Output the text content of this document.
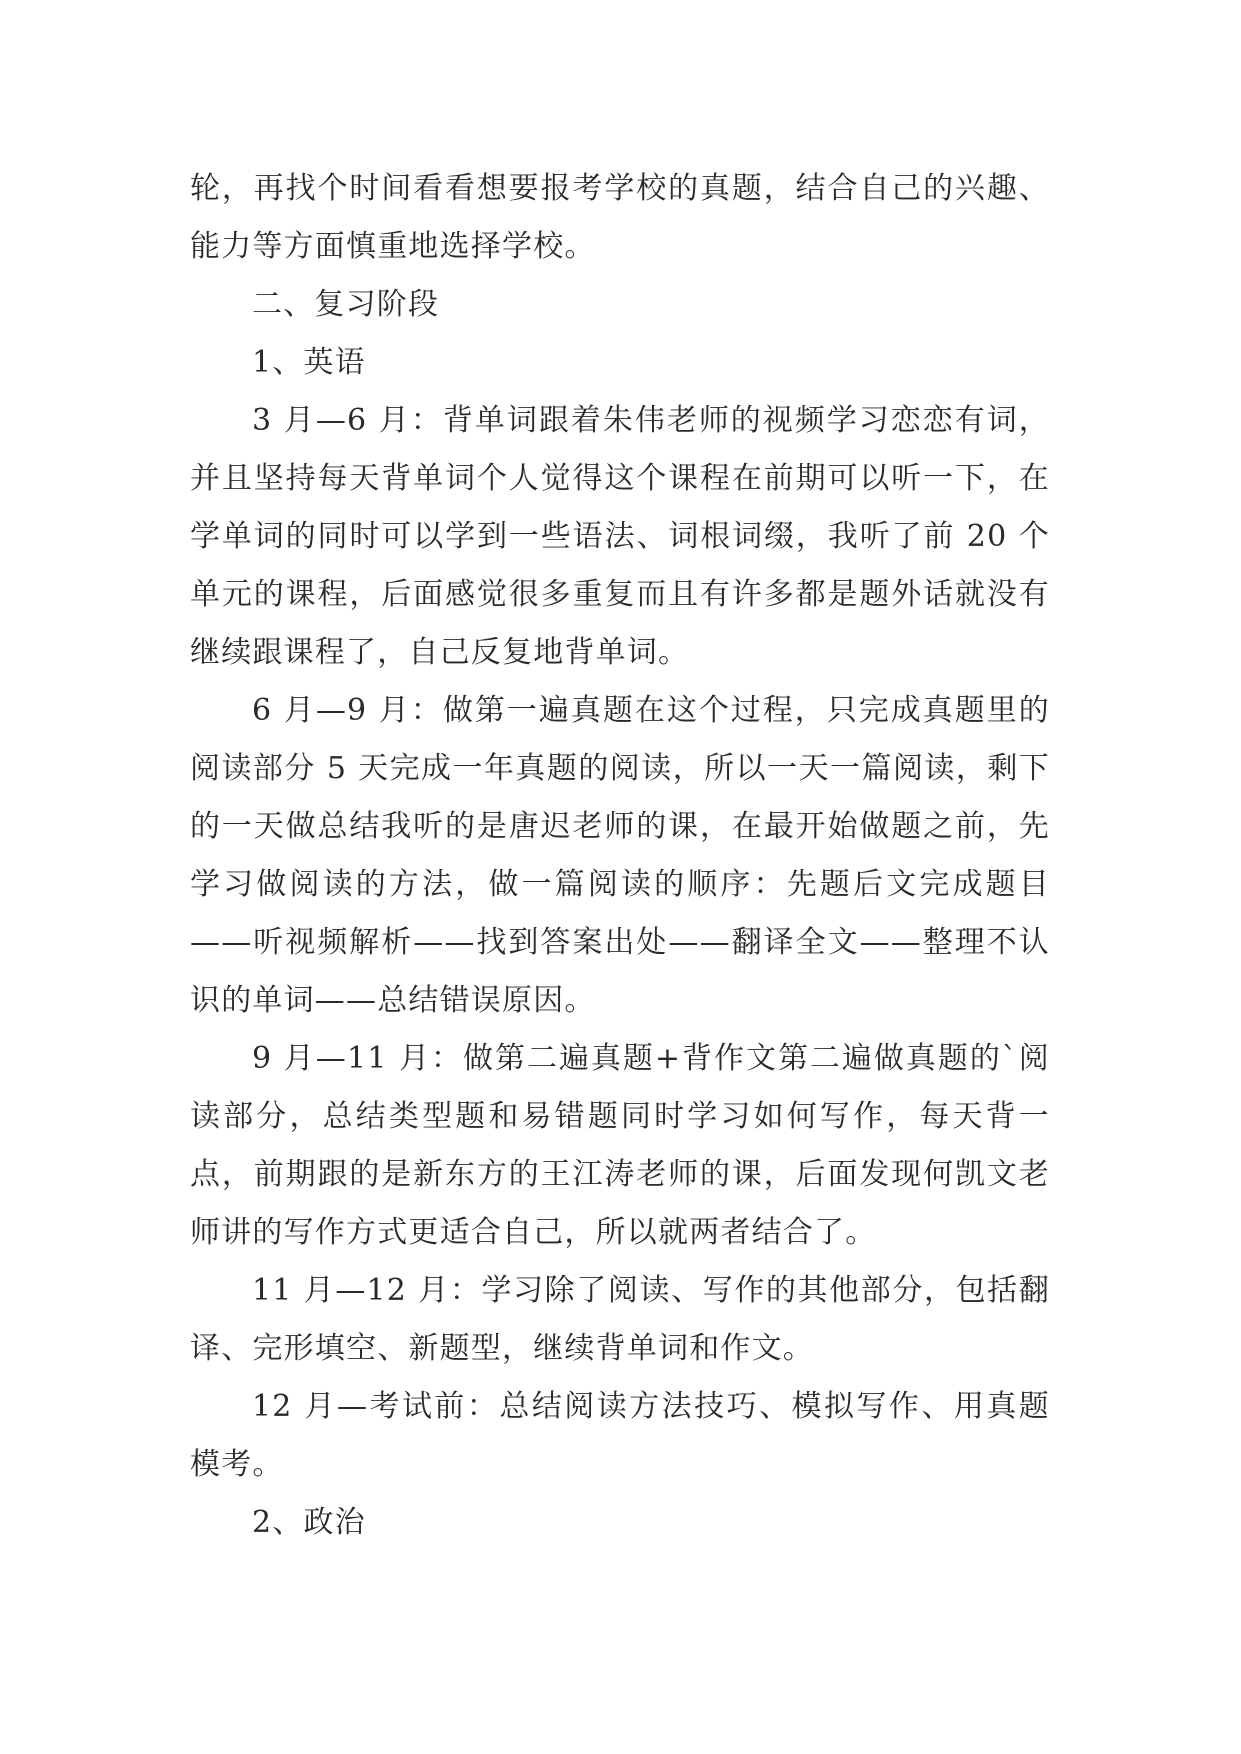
轮，再找个时间看看想要报考学校的真题，结合自己的兴趣、能力等方面慎重地选择学校。

二、复习阶段

1、英语

3 月—6 月：背单词跟着朱伟老师的视频学习恋恋有词，并且坚持每天背单词个人觉得这个课程在前期可以听一下，在学单词的同时可以学到一些语法、词根词缀，我听了前 20 个单元的课程，后面感觉很多重复而且有许多都是题外话就没有继续跟课程了，自己反复地背单词。

6 月—9 月：做第一遍真题在这个过程，只完成真题里的阅读部分 5 天完成一年真题的阅读，所以一天一篇阅读，剩下的一天做总结我听的是唐迟老师的课，在最开始做题之前，先学习做阅读的方法，做一篇阅读的顺序：先题后文完成题目——听视频解析——找到答案出处——翻译全文——整理不认识的单词——总结错误原因。

9 月—11 月：做第二遍真题+背作文第二遍做真题的`阅读部分，总结类型题和易错题同时学习如何写作，每天背一点，前期跟的是新东方的王江涛老师的课，后面发现何凯文老师讲的写作方式更适合自己，所以就两者结合了。

11 月—12 月：学习除了阅读、写作的其他部分，包括翻译、完形填空、新题型，继续背单词和作文。

12 月—考试前：总结阅读方法技巧、模拟写作、用真题模考。

2、政治
